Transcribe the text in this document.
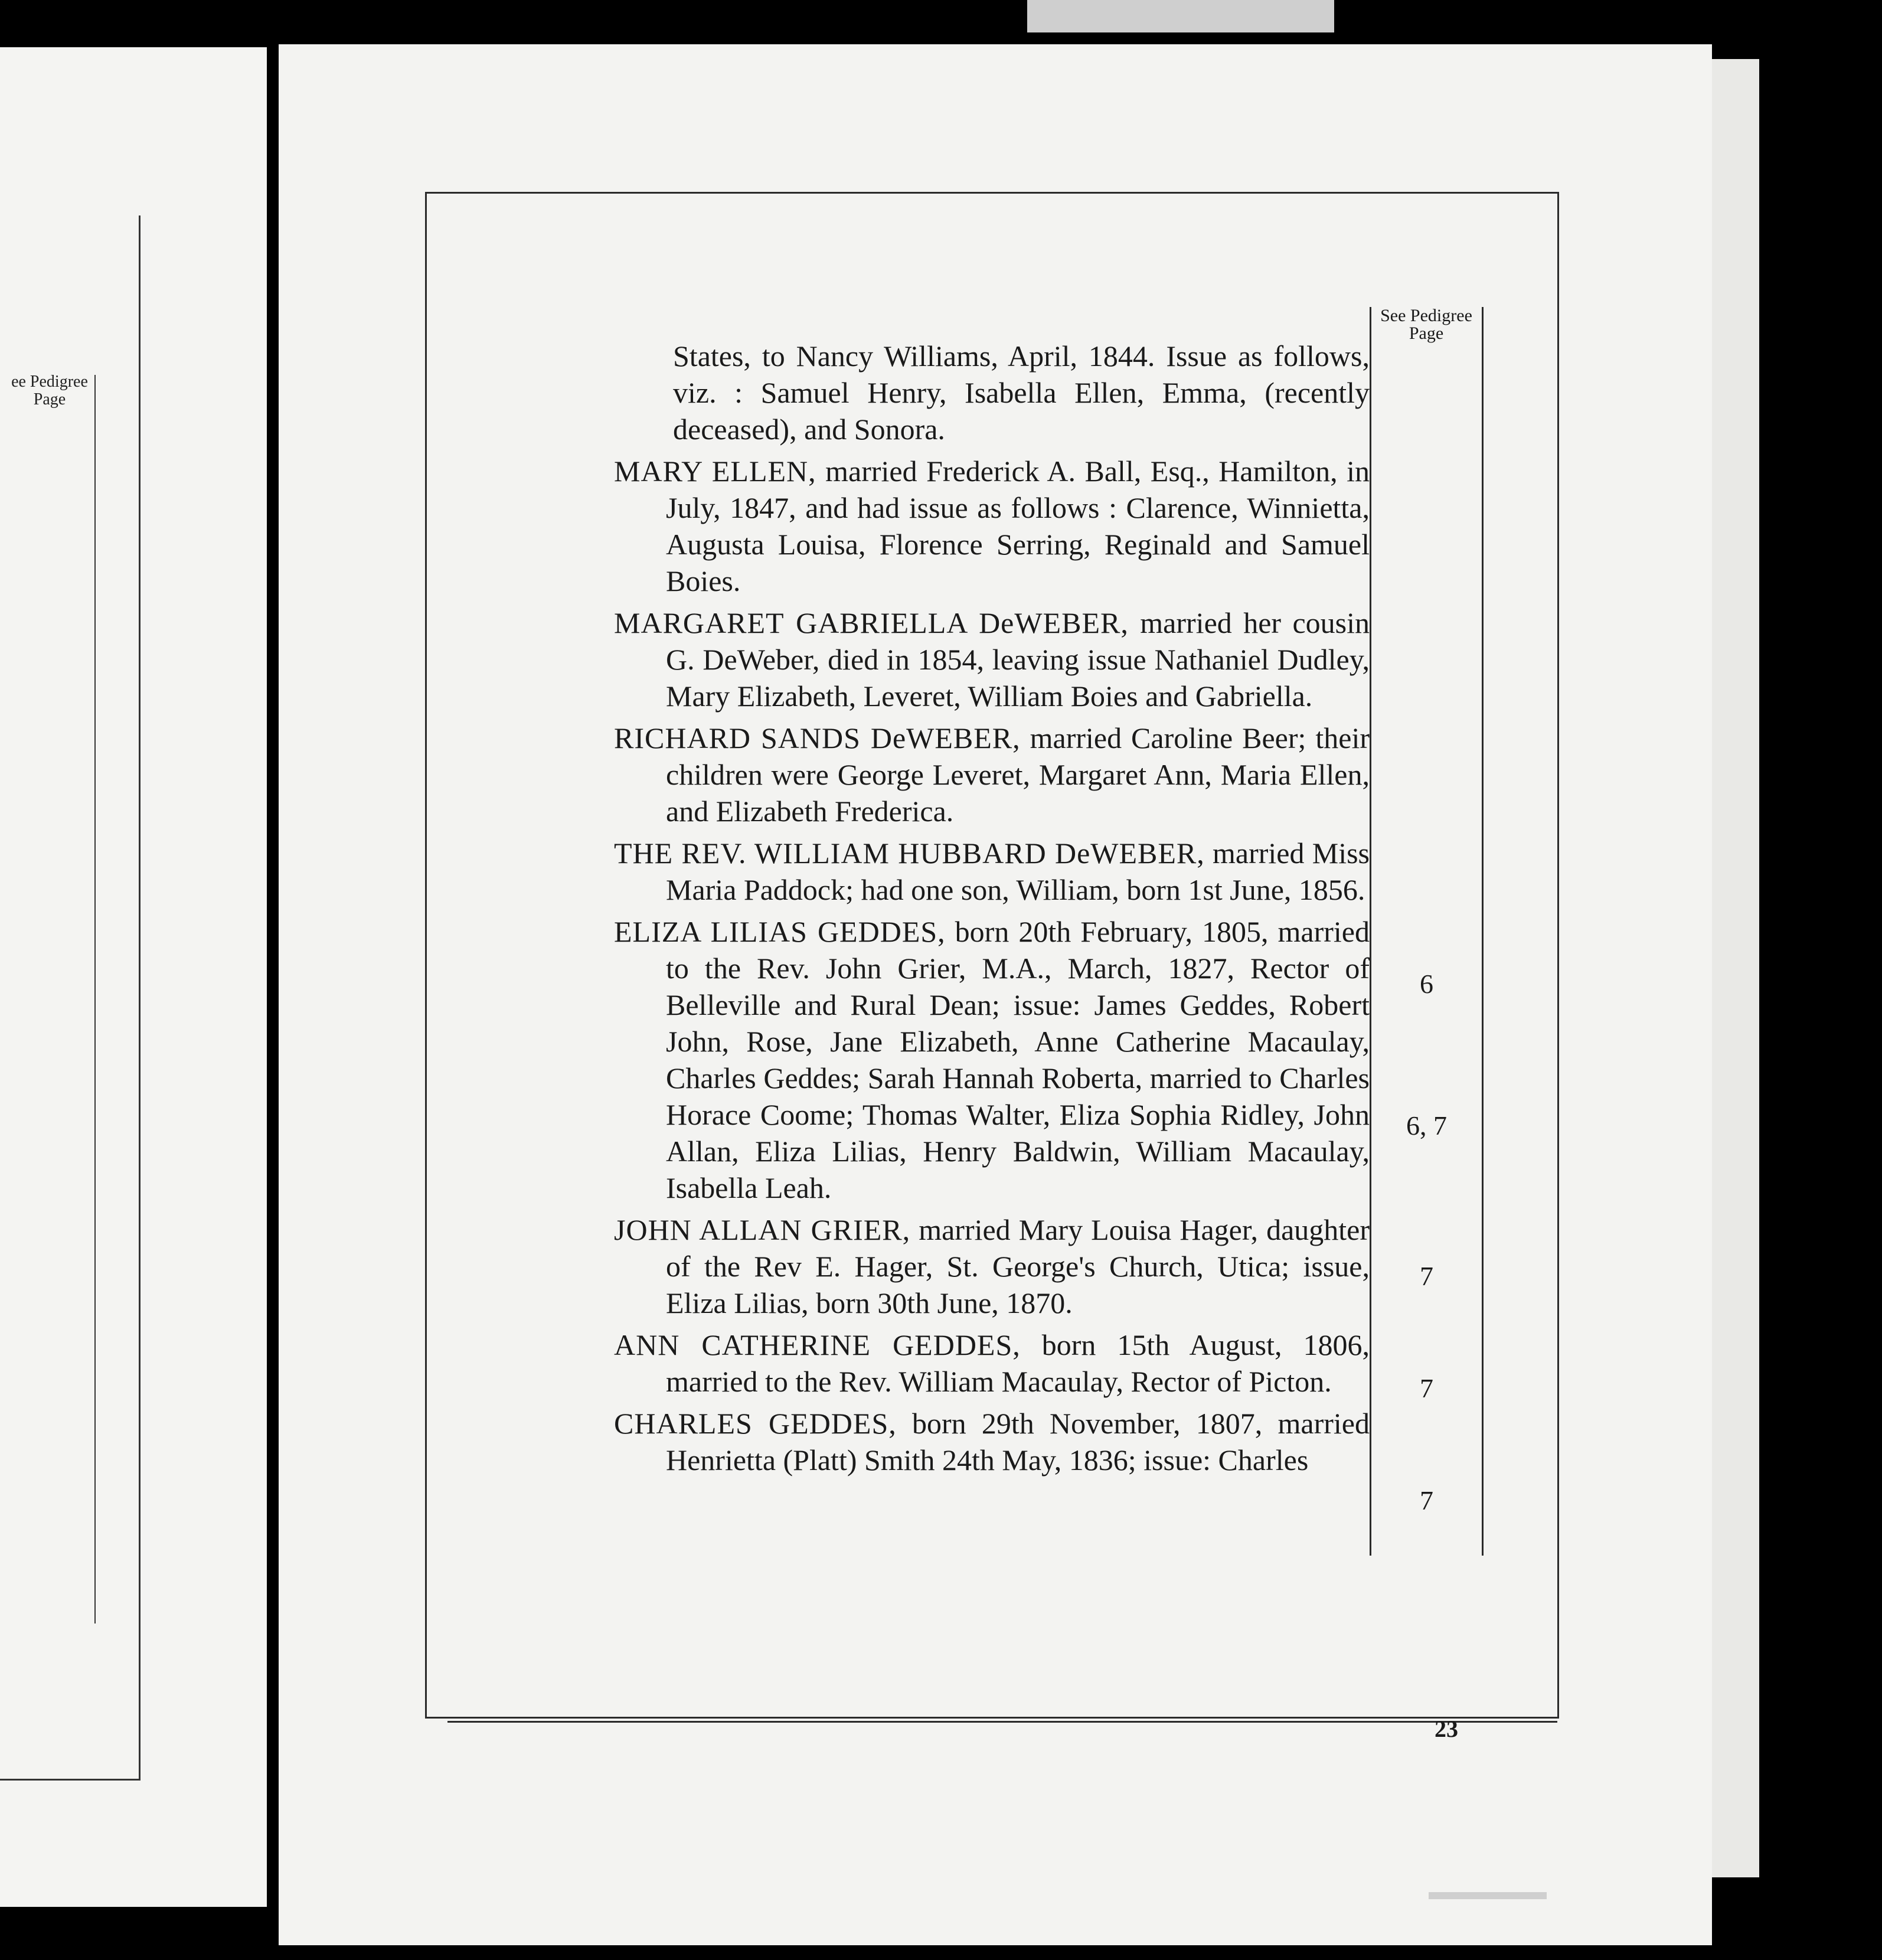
ee Pedigree
Page
See Pedigree
Page

States, to Nancy Williams, April, 1844. Issue as follows, viz. : Samuel Henry, Isabella Ellen, Emma, (recently deceased), and Sonora.

MARY ELLEN, married Frederick A. Ball, Esq., Hamilton, in July, 1847, and had issue as follows : Clarence, Winnietta, Augusta Louisa, Florence Serring, Reginald and Samuel Boies.

MARGARET GABRIELLA DeWEBER, married her cousin G. DeWeber, died in 1854, leaving issue Nathaniel Dudley, Mary Elizabeth, Leveret, William Boies and Gabriella.

RICHARD SANDS DeWEBER, married Caroline Beer; their children were George Leveret, Margaret Ann, Maria Ellen, and Elizabeth Frederica.

THE REV. WILLIAM HUBBARD DeWEBER, married Miss Maria Paddock; had one son, William, born 1st June, 1856.

ELIZA LILIAS GEDDES, born 20th February, 1805, married to the Rev. John Grier, M.A., March, 1827, Rector of Belleville and Rural Dean; issue: James Geddes, Robert John, Rose, Jane Elizabeth, Anne Catherine Macaulay, Charles Geddes; Sarah Hannah Roberta, married to Charles Horace Coome; Thomas Walter, Eliza Sophia Ridley, John Allan, Eliza Lilias, Henry Baldwin, William Macaulay, Isabella Leah.

JOHN ALLAN GRIER, married Mary Louisa Hager, daughter of the Rev E. Hager, St. George's Church, Utica; issue, Eliza Lilias, born 30th June, 1870.

ANN CATHERINE GEDDES, born 15th August, 1806, married to the Rev. William Macaulay, Rector of Picton.

CHARLES GEDDES, born 29th November, 1807, married Henrietta (Platt) Smith 24th May, 1836; issue: Charles

6
6, 7
7
7
7
23
